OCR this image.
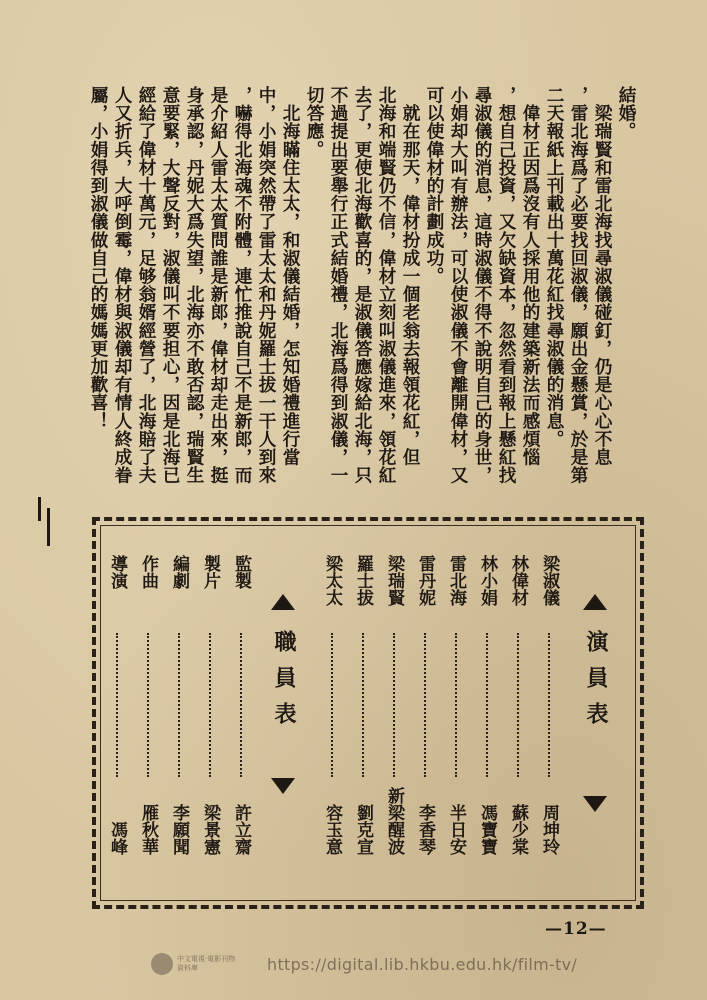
結婚。
　梁瑞賢和雷北海找尋淑儀碰釘，仍是心心不息
，雷北海爲了必要找回淑儀，願出金懸賞，於是第
二天報紙上刊載出十萬花紅找尋淑儀的消息。
　偉材正因爲沒有人採用他的建築新法而感煩惱
，想自己投資，又欠缺資本，忽然看到報上懸紅找
尋淑儀的消息，這時淑儀不得不說明自己的身世，
小娟却大叫有辦法，可以使淑儀不會離開偉材，又
可以使偉材的計劃成功。
　就在那天，偉材扮成一個老翁去報領花紅，但
北海和端賢仍不信，偉材立刻叫淑儀進來，領花紅
去了，更使北海歡喜的，是淑儀答應嫁給北海，只
不過提出要舉行正式結婚禮，北海爲得到淑儀，一
切答應。
　北海瞞住太太，和淑儀結婚，怎知婚禮進行當
中，小娟突然帶了雷太太和丹妮羅士拔一干人到來
，嚇得北海魂不附體，連忙推說自己不是新郎，而
是介紹人雷太太質問誰是新郎，偉材却走出來，挺
身承認，丹妮大爲失望，北海亦不敢否認，瑞賢生
意要緊，大聲反對，淑儀叫不要担心，因是北海已
經給了偉材十萬元，足够翁婿經營了，北海賠了夫
人又折兵，大呼倒霉，偉材與淑儀却有情人終成眷
屬，小娟得到淑儀做自己的媽媽更加歡喜！
演員表
梁淑儀
周坤玲
林偉材
蘇少棠
林小娟
馮寶寶
雷北海
半日安
雷丹妮
李香琴
梁瑞賢
新梁醒波
羅士拔
劉克宣
梁太太
容玉意
職員表
監製
許立齋
製片
梁景憲
編劇
李願聞
作曲
雁秋華
導演
馮峰
—12—
中文電視‧電影刊物資料庫	https://digital.lib.hkbu.edu.hk/film-tv/
